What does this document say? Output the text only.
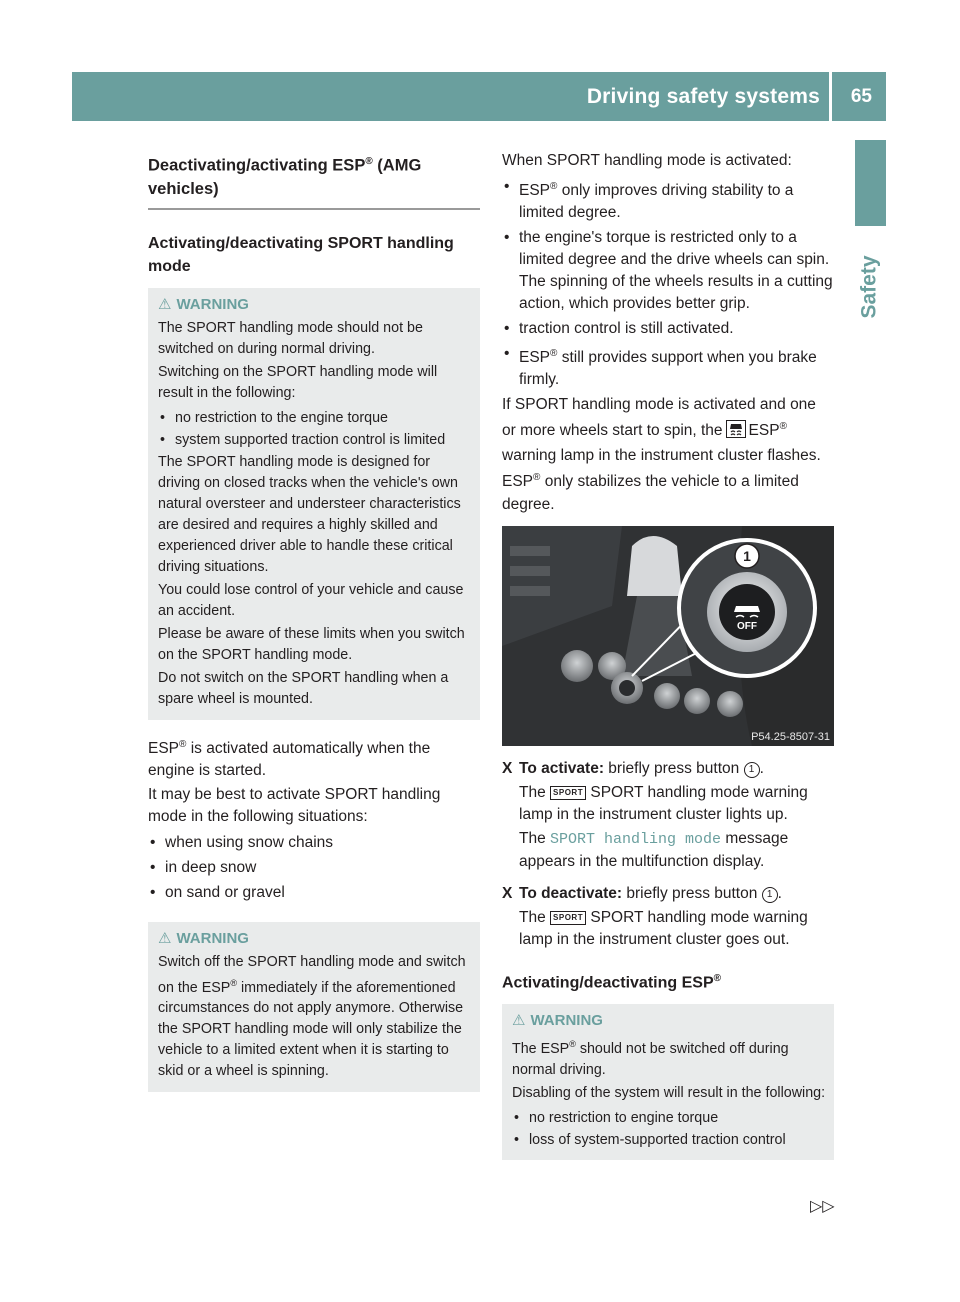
Driving safety systems 65
Safety
Deactivating/activating ESP® (AMG vehicles)
Activating/deactivating SPORT handling mode
⚠ WARNING

The SPORT handling mode should not be switched on during normal driving.

Switching on the SPORT handling mode will result in the following:

• no restriction to the engine torque
• system supported traction control is limited

The SPORT handling mode is designed for driving on closed tracks when the vehicle's own natural oversteer and understeer characteristics are desired and requires a highly skilled and experienced driver able to handle these critical driving situations.

You could lose control of your vehicle and cause an accident.

Please be aware of these limits when you switch on the SPORT handling mode.

Do not switch on the SPORT handling when a spare wheel is mounted.

ESP® is activated automatically when the engine is started.

It may be best to activate SPORT handling mode in the following situations:

• when using snow chains
• in deep snow
• on sand or gravel
⚠ WARNING

Switch off the SPORT handling mode and switch on the ESP® immediately if the aforementioned circumstances do not apply anymore. Otherwise the SPORT handling mode will only stabilize the vehicle to a limited extent when it is starting to skid or a wheel is spinning.

When SPORT handling mode is activated:

• ESP® only improves driving stability to a limited degree.
• the engine's torque is restricted only to a limited degree and the drive wheels can spin. The spinning of the wheels results in a cutting action, which provides better grip.
• traction control is still activated.
• ESP® still provides support when you brake firmly.

If SPORT handling mode is activated and one or more wheels start to spin, the ESP® warning lamp in the instrument cluster flashes. ESP® only stabilizes the vehicle to a limited degree.

OFF
1
P54.25-8507-31
X To activate: briefly press button 1 .

The SPORT SPORT handling mode warning lamp in the instrument cluster lights up.

The SPORT handling mode message appears in the multifunction display.

X To deactivate: briefly press button 1 .

The SPORT SPORT handling mode warning lamp in the instrument cluster goes out.

Activating/deactivating ESP®
⚠ WARNING

The ESP® should not be switched off during normal driving.

Disabling of the system will result in the following:

• no restriction to engine torque
• loss of system-supported traction control
▷▷
